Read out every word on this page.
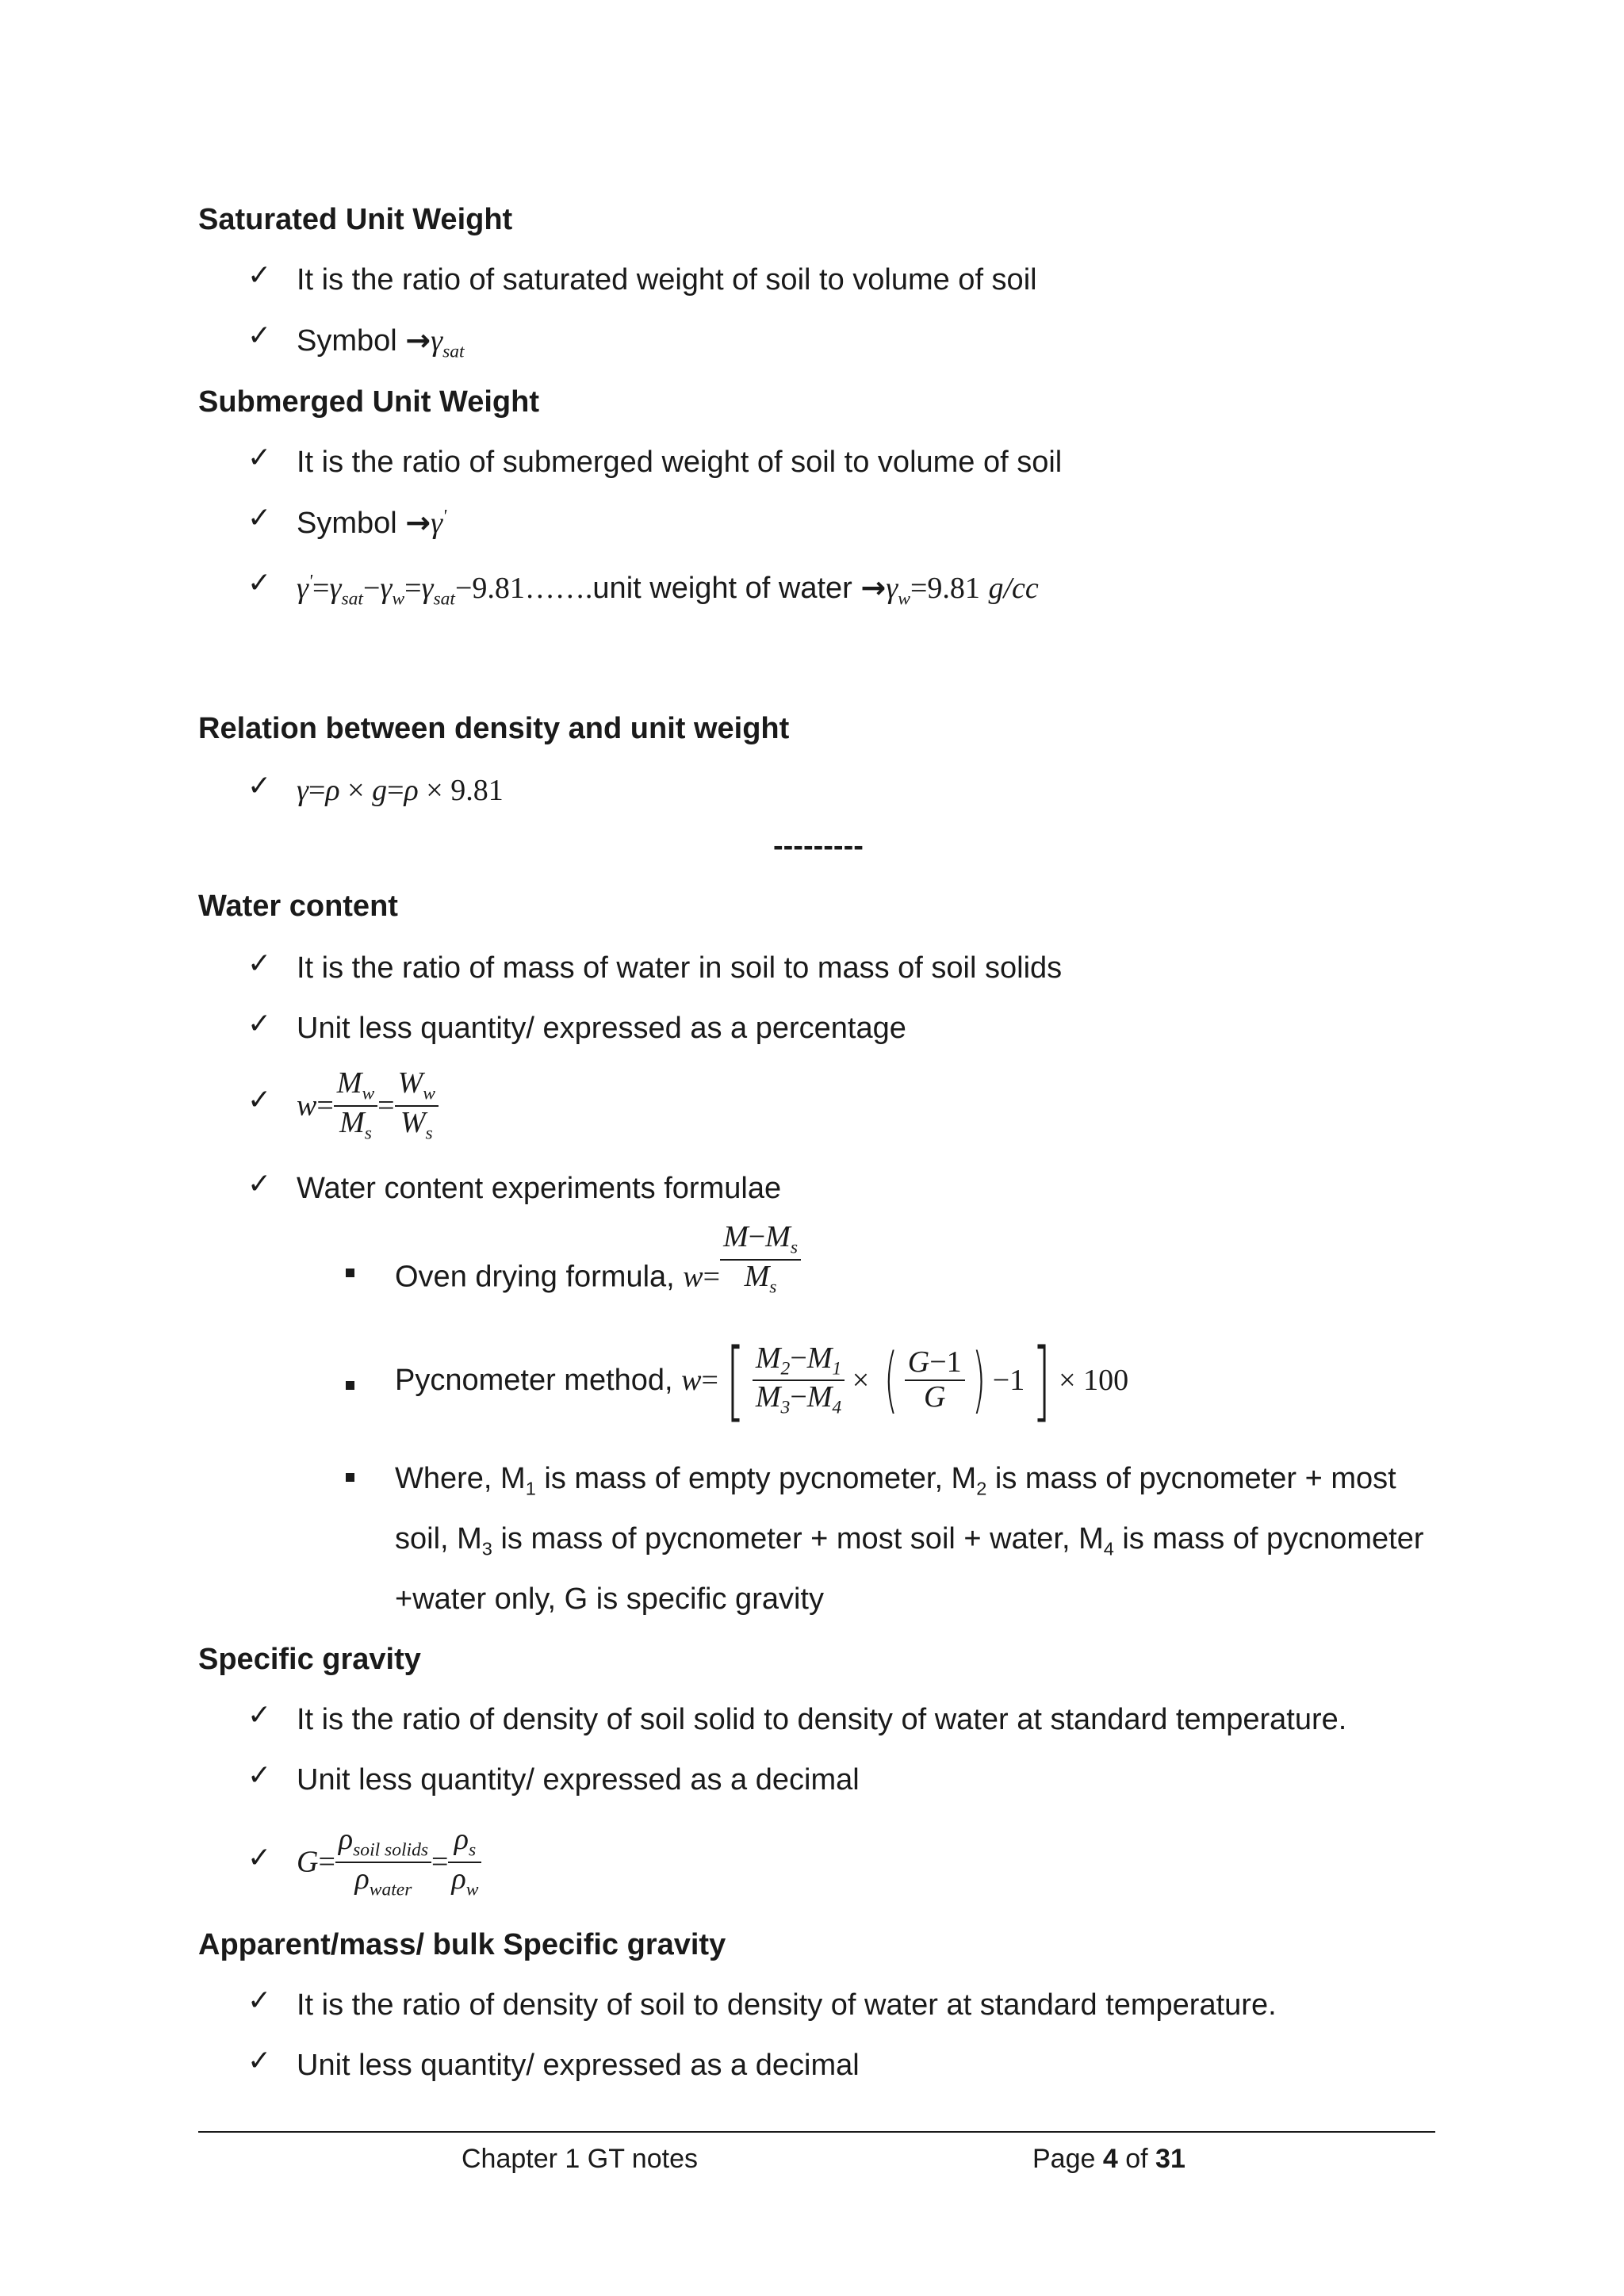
Saturated Unit Weight
✓ It is the ratio of saturated weight of soil to volume of soil
✓ Symbol $\to\gamma_{sat}$
Submerged Unit Weight
✓ It is the ratio of submerged weight of soil to volume of soil
✓ Symbol →γ'
✓ $\gamma'=\gamma_{sat}-\gamma_w=\gamma_{sat}-9.81\dots\dots.unit$ weight of water $\to\gamma_w=9.81$ g/cc
Relation between density and unit weight
✓ γ=ρ × g=ρ × 9.81
---------
Water content
✓ It is the ratio of mass of water in soil to mass of soil solids
✓ Unit less quantity/ expressed as a percentage
✓ $w= \frac{M_w}{M_s} = \frac{W_w}{W_s}$
✓ Water content experiments formulae
Oven drying formula, $w= \frac{M-M_s}{M_s}$
Pycnometer method, $w=[ \frac{M_2-M_1}{M_3-M_4}$ × ( $\frac{G-1}{G}$ ) −1] × 100
Where, $M_1$ is mass of empty pycnometer, $M_2$ is mass of pycnometer + most
soil, $M_3$ is mass of pycnometer + most soil + water, $M_4$ is mass of pycnometer
+water only, G is specific gravity
Specific gravity
✓ It is the ratio of density of soil solid to density of water at standard temperature.
✓ Unit less quantity/ expressed as a decimal
✓ $G= \frac{\rho_{soil solids}}{\rho_{water}} = \frac{\rho_s}{\rho_w}$
Apparent/mass/ bulk Specific gravity
✓ It is the ratio of density of soil to density of water at standard temperature.
✓ Unit less quantity/ expressed as a decimal
Chapter 1 GT notes	Page 4 of 31
